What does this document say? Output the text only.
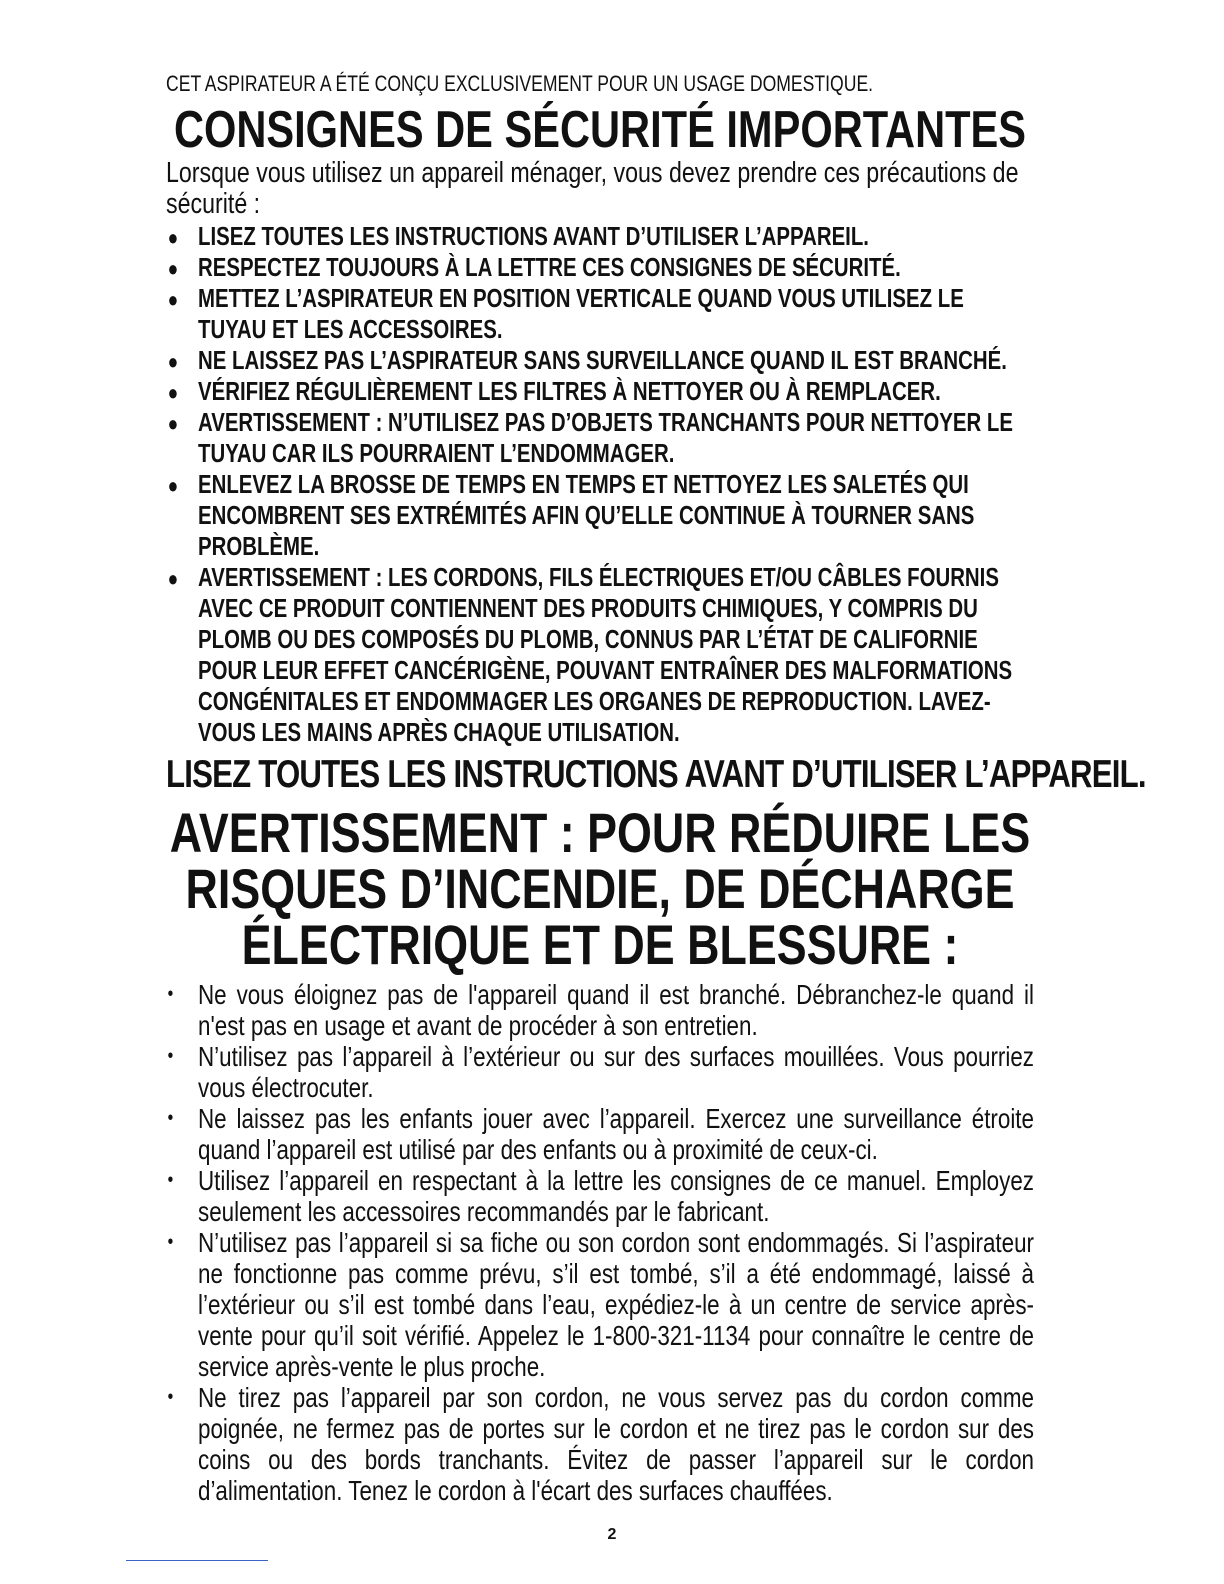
CET ASPIRATEUR A ÉTÉ CONÇU EXCLUSIVEMENT POUR UN USAGE DOMESTIQUE.

CONSIGNES DE SÉCURITÉ IMPORTANTES

Lorsque vous utilisez un appareil ménager, vous devez prendre ces précautions de sécurité :

● LISEZ TOUTES LES INSTRUCTIONS AVANT D’UTILISER L’APPAREIL.
● RESPECTEZ TOUJOURS À LA LETTRE CES CONSIGNES DE SÉCURITÉ.
● METTEZ L’ASPIRATEUR EN POSITION VERTICALE QUAND VOUS UTILISEZ LE TUYAU ET LES ACCESSOIRES.
● NE LAISSEZ PAS L’ASPIRATEUR SANS SURVEILLANCE QUAND IL EST BRANCHÉ.
● VÉRIFIEZ RÉGULIÈREMENT LES FILTRES À NETTOYER OU À REMPLACER.
● AVERTISSEMENT : N’UTILISEZ PAS D’OBJETS TRANCHANTS POUR NETTOYER LE TUYAU CAR ILS POURRAIENT L’ENDOMMAGER.
● ENLEVEZ LA BROSSE DE TEMPS EN TEMPS ET NETTOYEZ LES SALETÉS QUI ENCOMBRENT SES EXTRÉMITÉS AFIN QU’ELLE CONTINUE À TOURNER SANS PROBLÈME.
● AVERTISSEMENT : LES CORDONS, FILS ÉLECTRIQUES ET/OU CÂBLES FOURNIS AVEC CE PRODUIT CONTIENNENT DES PRODUITS CHIMIQUES, Y COMPRIS DU PLOMB OU DES COMPOSÉS DU PLOMB, CONNUS PAR L’ÉTAT DE CALIFORNIE POUR LEUR EFFET CANCÉRIGÈNE, POUVANT ENTRAÎNER DES MALFORMATIONS CONGÉNITALES ET ENDOMMAGER LES ORGANES DE REPRODUCTION. LAVEZ-VOUS LES MAINS APRÈS CHAQUE UTILISATION.

LISEZ TOUTES LES INSTRUCTIONS AVANT D’UTILISER L’APPAREIL.

AVERTISSEMENT : POUR RÉDUIRE LES RISQUES D’INCENDIE, DE DÉCHARGE ÉLECTRIQUE ET DE BLESSURE :
• Ne vous éloignez pas de l'appareil quand il est branché. Débranchez-le quand il n'est pas en usage et avant de procéder à son entretien.
• N’utilisez pas l’appareil à l’extérieur ou sur des surfaces mouillées. Vous pourriez vous électrocuter.
• Ne laissez pas les enfants jouer avec l’appareil. Exercez une surveillance étroite quand l’appareil est utilisé par des enfants ou à proximité de ceux-ci.
• Utilisez l’appareil en respectant à la lettre les consignes de ce manuel. Employez seulement les accessoires recommandés par le fabricant.
• N’utilisez pas l’appareil si sa fiche ou son cordon sont endommagés. Si l’aspirateur ne fonctionne pas comme prévu, s’il est tombé, s’il a été endommagé, laissé à l’extérieur ou s’il est tombé dans l’eau, expédiez-le à un centre de service après-vente pour qu’il soit vérifié. Appelez le 1-800-321-1134 pour connaître le centre de service après-vente le plus proche.
• Ne tirez pas l’appareil par son cordon, ne vous servez pas du cordon comme poignée, ne fermez pas de portes sur le cordon et ne tirez pas le cordon sur des coins ou des bords tranchants. Évitez de passer l’appareil sur le cordon d’alimentation. Tenez le cordon à l'écart des surfaces chauffées.
2
